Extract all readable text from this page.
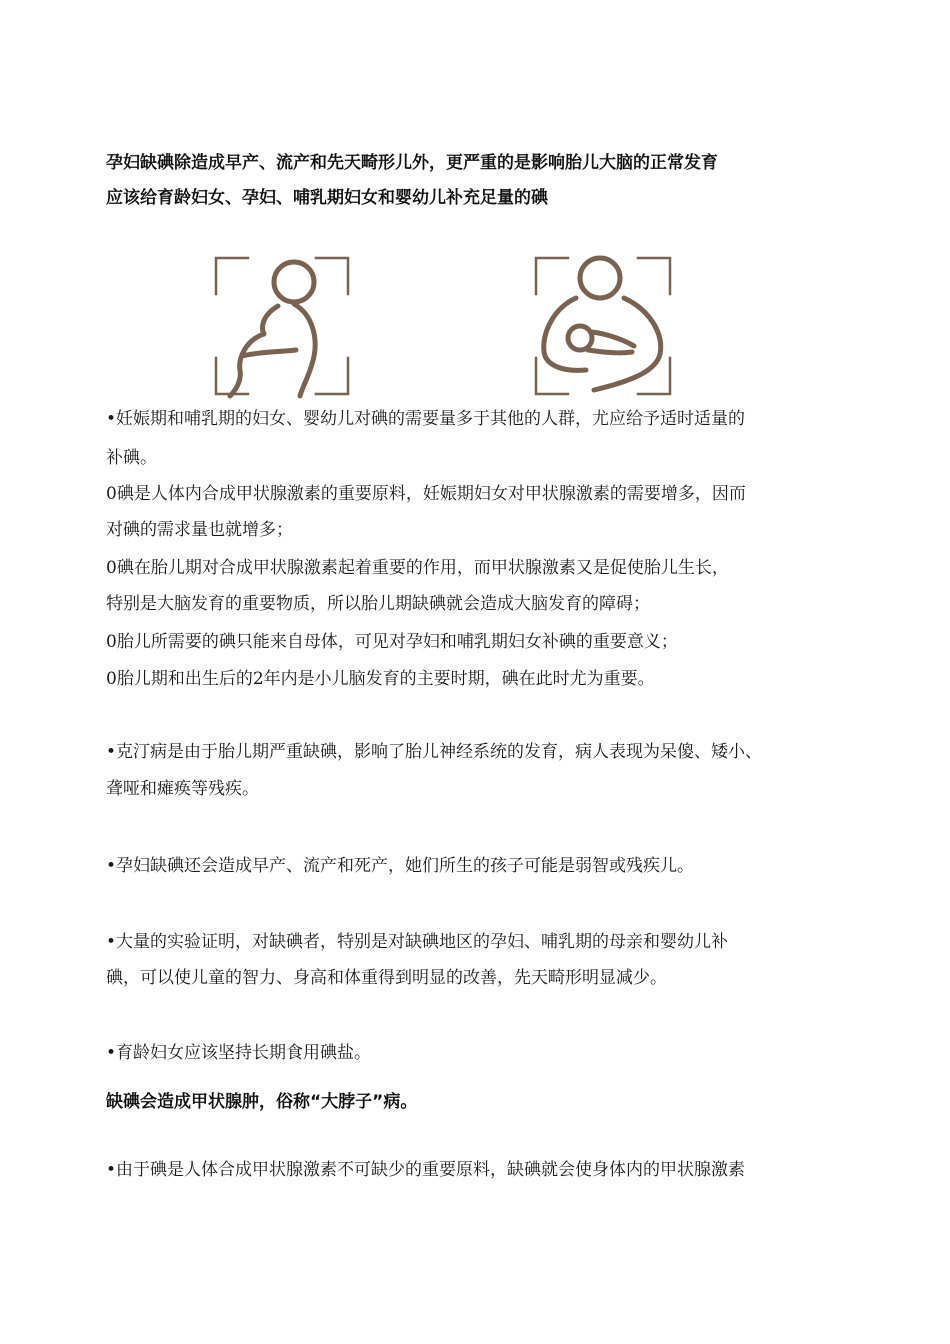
孕妇缺碘除造成早产、流产和先天畸形儿外，更严重的是影响胎儿大脑的正常发育
应该给育龄妇女、孕妇、哺乳期妇女和婴幼儿补充足量的碘
•妊娠期和哺乳期的妇女、婴幼儿对碘的需要量多于其他的人群，尤应给予适时适量的
补碘。
0碘是人体内合成甲状腺激素的重要原料，妊娠期妇女对甲状腺激素的需要增多，因而
对碘的需求量也就增多；
0碘在胎儿期对合成甲状腺激素起着重要的作用，而甲状腺激素又是促使胎儿生长，
特别是大脑发育的重要物质，所以胎儿期缺碘就会造成大脑发育的障碍；
0胎儿所需要的碘只能来自母体，可见对孕妇和哺乳期妇女补碘的重要意义；
0胎儿期和出生后的2年内是小儿脑发育的主要时期，碘在此时尤为重要。
•克汀病是由于胎儿期严重缺碘，影响了胎儿神经系统的发育，病人表现为呆傻、矮小、
聋哑和瘫痪等残疾。
•孕妇缺碘还会造成早产、流产和死产，她们所生的孩子可能是弱智或残疾儿。
•大量的实验证明，对缺碘者，特别是对缺碘地区的孕妇、哺乳期的母亲和婴幼儿补
碘，可以使儿童的智力、身高和体重得到明显的改善，先天畸形明显减少。
•育龄妇女应该坚持长期食用碘盐。
缺碘会造成甲状腺肿，俗称“大脖子”病。
•由于碘是人体合成甲状腺激素不可缺少的重要原料，缺碘就会使身体内的甲状腺激素
